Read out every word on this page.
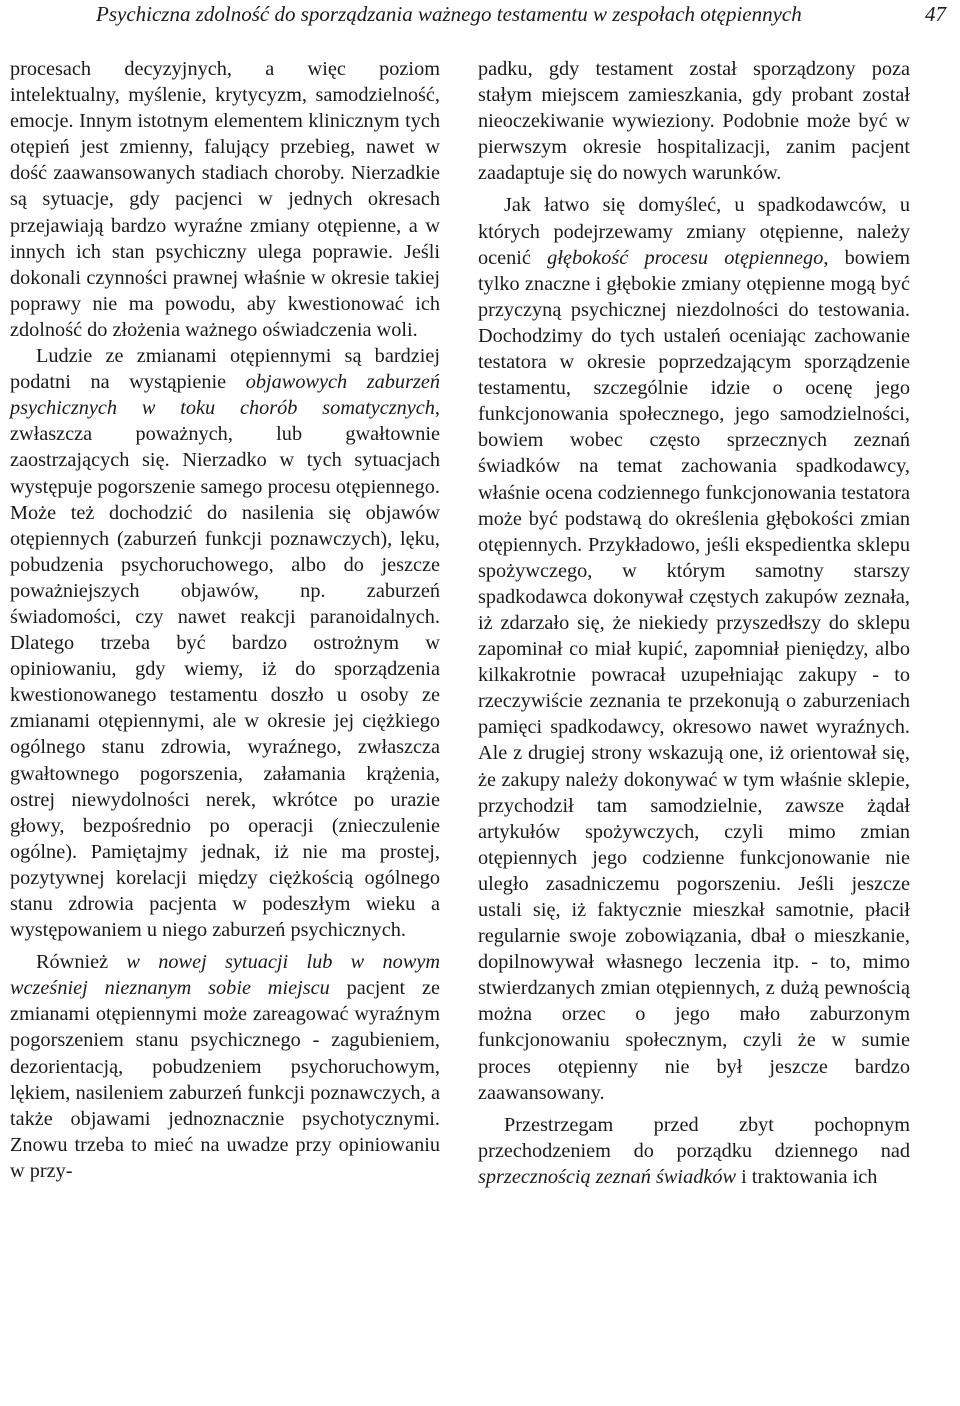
Psychiczna zdolność do sporządzania ważnego testamentu w zespołach otępiennych	47

procesach decyzyjnych, a więc poziom intelektualny, myślenie, krytycyzm, samodzielność, emocje. Innym istotnym elementem klinicznym tych otępień jest zmienny, falujący przebieg, nawet w dość zaawansowanych stadiach choroby. Nierzadkie są sytuacje, gdy pacjenci w jednych okresach przejawiają bardzo wyraźne zmiany otępienne, a w innych ich stan psychiczny ulega poprawie. Jeśli dokonali czynności prawnej właśnie w okresie takiej poprawy nie ma powodu, aby kwestionować ich zdolność do złożenia ważnego oświadczenia woli.

Ludzie ze zmianami otępiennymi są bardziej podatni na wystąpienie objawowych zaburzeń psychicznych w toku chorób somatycznych, zwłaszcza poważnych, lub gwałtownie zaostrzających się. Nierzadko w tych sytuacjach występuje pogorszenie samego procesu otępiennego. Może też dochodzić do nasilenia się objawów otępiennych (zaburzeń funkcji poznawczych), lęku, pobudzenia psychoruchowego, albo do jeszcze poważniejszych objawów, np. zaburzeń świadomości, czy nawet reakcji paranoidalnych. Dlatego trzeba być bardzo ostrożnym w opiniowaniu, gdy wiemy, iż do sporządzenia kwestionowanego testamentu doszło u osoby ze zmianami otępiennymi, ale w okresie jej ciężkiego ogólnego stanu zdrowia, wyraźnego, zwłaszcza gwałtownego pogorszenia, załamania krążenia, ostrej niewydolności nerek, wkrótce po urazie głowy, bezpośrednio po operacji (znieczulenie ogólne). Pamiętajmy jednak, iż nie ma prostej, pozytywnej korelacji między ciężkością ogólnego stanu zdrowia pacjenta w podeszłym wieku a występowaniem u niego zaburzeń psychicznych.

Również w nowej sytuacji lub w nowym wcześniej nieznanym sobie miejscu pacjent ze zmianami otępiennymi może zareagować wyraźnym pogorszeniem stanu psychicznego - zagubieniem, dezorientacją, pobudzeniem psychoruchowym, lękiem, nasileniem zaburzeń funkcji poznawczych, a także objawami jednoznacznie psychotycznymi. Znowu trzeba to mieć na uwadze przy opiniowaniu w przy-

padku, gdy testament został sporządzony poza stałym miejscem zamieszkania, gdy probant został nieoczekiwanie wywieziony. Podobnie może być w pierwszym okresie hospitalizacji, zanim pacjent zaadaptuje się do nowych warunków.

Jak łatwo się domyśleć, u spadkodawców, u których podejrzewamy zmiany otępienne, należy ocenić głębokość procesu otępiennego, bowiem tylko znaczne i głębokie zmiany otępienne mogą być przyczyną psychicznej niezdolności do testowania. Dochodzimy do tych ustaleń oceniając zachowanie testatora w okresie poprzedzającym sporządzenie testamentu, szczególnie idzie o ocenę jego funkcjonowania społecznego, jego samodzielności, bowiem wobec często sprzecznych zeznań świadków na temat zachowania spadkodawcy, właśnie ocena codziennego funkcjonowania testatora może być podstawą do określenia głębokości zmian otępiennych. Przykładowo, jeśli ekspedientka sklepu spożywczego, w którym samotny starszy spadkodawca dokonywał częstych zakupów zeznała, iż zdarzało się, że niekiedy przyszedłszy do sklepu zapominał co miał kupić, zapomniał pieniędzy, albo kilkakrotnie powracał uzupełniając zakupy - to rzeczywiście zeznania te przekonują o zaburzeniach pamięci spadkodawcy, okresowo nawet wyraźnych. Ale z drugiej strony wskazują one, iż orientował się, że zakupy należy dokonywać w tym właśnie sklepie, przychodził tam samodzielnie, zawsze żądał artykułów spożywczych, czyli mimo zmian otępiennych jego codzienne funkcjonowanie nie uległo zasadniczemu pogorszeniu. Jeśli jeszcze ustali się, iż faktycznie mieszkał samotnie, płacił regularnie swoje zobowiązania, dbał o mieszkanie, dopilnowywał własnego leczenia itp. - to, mimo stwierdzanych zmian otępiennych, z dużą pewnością można orzec o jego mało zaburzonym funkcjonowaniu społecznym, czyli że w sumie proces otępienny nie był jeszcze bardzo zaawansowany.

Przestrzegam przed zbyt pochopnym przechodzeniem do porządku dziennego nad sprzecznością zeznań świadków i traktowania ich
